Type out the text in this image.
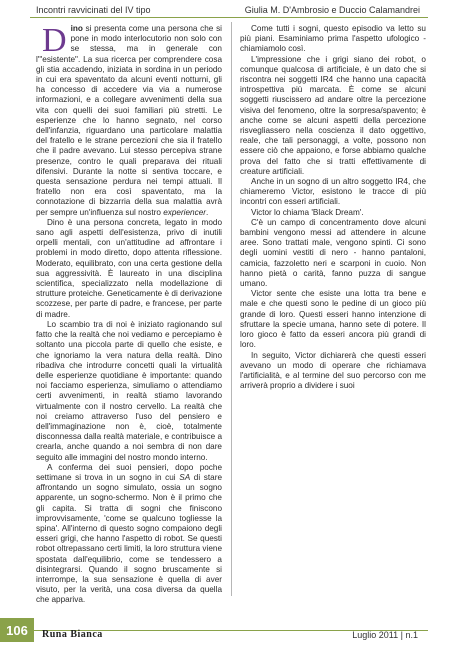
Incontri ravvicinati del IV tipo	Giulia M. D'Ambrosio e Duccio Calamandrei

Dino si presenta come una persona che si pone in modo interlocutorio non solo con se stessa, ma in generale con l'"esistente". La sua ricerca per comprendere cosa gli stia accadendo, iniziata in sordina in un periodo in cui era spaventato da alcuni eventi notturni, gli ha concesso di accedere via via a numerose informazioni, e a collegare avvenimenti della sua vita con quelli dei suoi familiari più stretti. Le esperienze che lo hanno segnato, nel corso dell'infanzia, riguardano una particolare malattia del fratello e le strane percezioni che sia il fratello che il padre avevano. Lui stesso percepiva strane presenze, contro le quali preparava dei rituali difensivi. Durante la notte si sentiva toccare, e questa sensazione perdura nei tempi attuali. Il fratello non era così spaventato, ma la connotazione di bizzarria della sua malattia avrà per sempre un'influenza sul nostro experiencer.

Dino è una persona concreta, legato in modo sano agli aspetti dell'esistenza, privo di inutili orpelli mentali, con un'attitudine ad affrontare i problemi in modo diretto, dopo attenta riflessione. Moderato, equilibrato, con una certa gestione della sua aggressività. È laureato in una disciplina scientifica, specializzato nella modellazione di strutture proteiche. Geneticamente è di derivazione scozzese, per parte di padre, e francese, per parte di madre.

Lo scambio tra di noi è iniziato ragionando sul fatto che la realtà che noi vediamo e percepiamo è soltanto una piccola parte di quello che esiste, e che ignoriamo la vera natura della realtà. Dino ribadiva che introdurre concetti quali la virtualità delle esperienze quotidiane è importante: quando noi facciamo esperienza, simuliamo o attendiamo certi avvenimenti, in realtà stiamo lavorando virtualmente con il nostro cervello. La realtà che noi creiamo attraverso l'uso del pensiero e dell'immaginazione non è, cioè, totalmente disconnessa dalla realtà materiale, e contribuisce a crearla, anche quando a noi sembra di non dare seguito alle immagini del nostro mondo interno.

A conferma dei suoi pensieri, dopo poche settimane si trova in un sogno in cui SA di stare affrontando un sogno simulato, ossia un sogno apparente, un sogno-schermo. Non è il primo che gli capita. Si tratta di sogni che finiscono improvvisamente, 'come se qualcuno togliesse la spina'. All'interno di questo sogno compaiono degli esseri grigi, che hanno l'aspetto di robot. Se questi robot oltrepassano certi limiti, la loro struttura viene spostata dall'equilibrio, come se tendessero a disintegrarsi. Quando il sogno bruscamente si interrompe, la sua sensazione è quella di aver visuto, per la verità, una cosa diversa da quella che appariva.

Come tutti i sogni, questo episodio va letto su più piani. Esaminiamo prima l'aspetto ufologico - chiamiamolo così.

L'impressione che i grigi siano dei robot, o comunque qualcosa di artificiale, è un dato che si riscontra nei soggetti IR4 che hanno una capacità introspettiva più marcata. È come se alcuni soggetti riuscissero ad andare oltre la percezione visiva del fenomeno, oltre la sorpresa/spavento; è anche come se alcuni aspetti della percezione risvegliassero nella coscienza il dato oggettivo, reale, che tali personaggi, a volte, possono non essere ciò che appaiono, e forse abbiamo qualche prova del fatto che si tratti effettivamente di creature artificiali.

Anche in un sogno di un altro soggetto IR4, che chiameremo Victor, esistono le tracce di più incontri con esseri artificiali.

Victor lo chiama 'Black Dream'.

C'è un campo di concentramento dove alcuni bambini vengono messi ad attendere in alcune aree. Sono trattati male, vengono spinti. Ci sono degli uomini vestiti di nero - hanno pantaloni, camicia, fazzoletto neri e scarponi in cuoio. Non hanno pietà o carità, fanno puzza di sangue umano.

Victor sente che esiste una lotta tra bene e male e che questi sono le pedine di un gioco più grande di loro. Questi esseri hanno intenzione di sfruttare la specie umana, hanno sete di potere. Il loro gioco è fatto da esseri ancora più grandi di loro.

In seguito, Victor dichiarerà che questi esseri avevano un modo di operare che richiamava l'artificialità, e al termine del suo percorso con me arriverà proprio a dividere i suoi

106	Runa Bianca	Luglio 2011 | n.1
